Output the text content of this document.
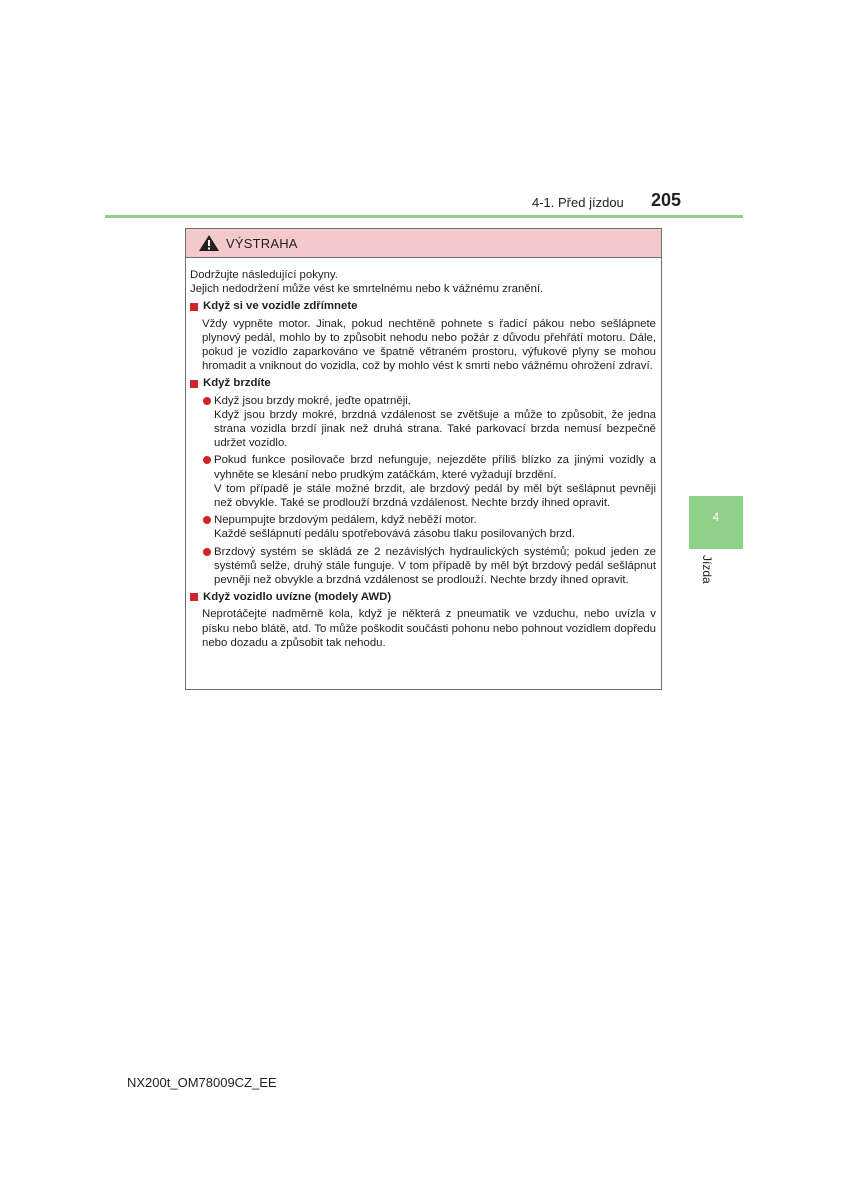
4-1. Před jízdou 205
VÝSTRAHA

Dodržujte následující pokyny.

Jejich nedodržení může vést ke smrtelnému nebo k vážnému zranění.

Když si ve vozidle zdřímnete

Vždy vypněte motor. Jinak, pokud nechtěně pohnete s řadicí pákou nebo sešlápnete plynový pedál, mohlo by to způsobit nehodu nebo požár z důvodu přehřátí motoru. Dále, pokud je vozidlo zaparkováno ve špatně větraném prostoru, výfukové plyny se mohou hromadit a vniknout do vozidla, což by mohlo vést k smrti nebo vážnému ohrožení zdraví.

Když brzdíte
Když jsou brzdy mokré, jeďte opatrněji.
Když jsou brzdy mokré, brzdná vzdálenost se zvětšuje a může to způsobit, že jedna strana vozidla brzdí jinak než druhá strana. Také parkovací brzda nemusí bezpečně udržet vozidlo.
Pokud funkce posilovače brzd nefunguje, nejezděte příliš blízko za jinými vozidly a vyhněte se klesání nebo prudkým zatáčkám, které vyžadují brzdění.
V tom případě je stále možné brzdit, ale brzdový pedál by měl být sešlápnut pevněji než obvykle. Také se prodlouží brzdná vzdálenost. Nechte brzdy ihned opravit.
Nepumpujte brzdovým pedálem, když neběží motor.
Každé sešlápnutí pedálu spotřebovává zásobu tlaku posilovaných brzd.
Brzdový systém se skládá ze 2 nezávislých hydraulických systémů; pokud jeden ze systémů selže, druhý stále funguje. V tom případě by měl být brzdový pedál sešlápnut pevněji než obvykle a brzdná vzdálenost se prodlouží. Nechte brzdy ihned opravit.
Když vozidlo uvízne (modely AWD)

Neprotáčejte nadměrně kola, když je některá z pneumatik ve vzduchu, nebo uvízla v písku nebo blátě, atd. To může poškodit součásti pohonu nebo pohnout vozidlem dopředu nebo dozadu a způsobit tak nehodu.

4
Jízda
NX200t_OM78009CZ_EE
